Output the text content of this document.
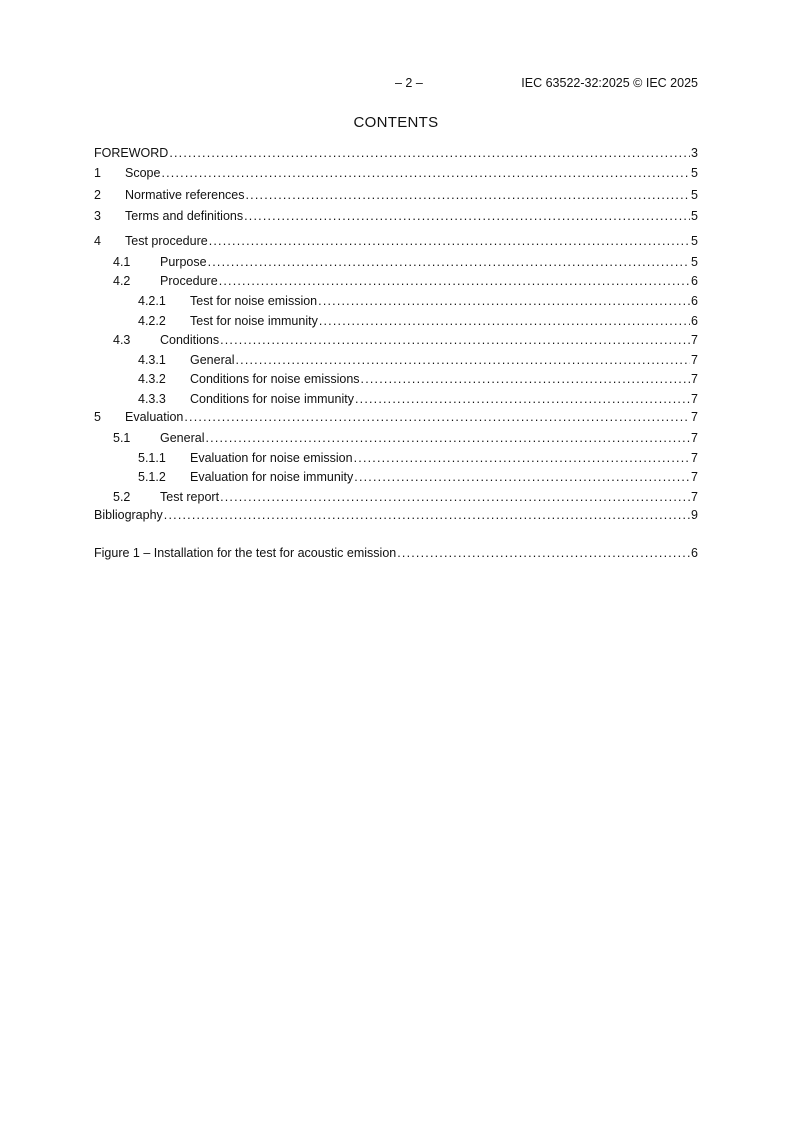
– 2 –	IEC 63522-32:2025 © IEC 2025
CONTENTS
FOREWORD .....	3
1	Scope .....	5
2	Normative references .....	5
3	Terms and definitions .....	5
4	Test procedure .....	5
4.1	Purpose .....	5
4.2	Procedure .....	6
4.2.1	Test for noise emission .....	6
4.2.2	Test for noise immunity .....	6
4.3	Conditions .....	7
4.3.1	General .....	7
4.3.2	Conditions for noise emissions .....	7
4.3.3	Conditions for noise immunity .....	7
5	Evaluation .....	7
5.1	General .....	7
5.1.1	Evaluation for noise emission .....	7
5.1.2	Evaluation for noise immunity .....	7
5.2	Test report .....	7
Bibliography .....	9
Figure 1 – Installation for the test for acoustic emission .....	6
